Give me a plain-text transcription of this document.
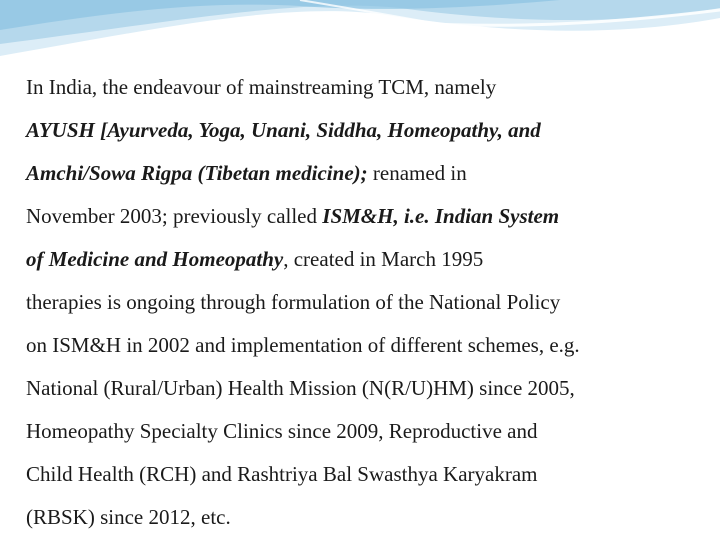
In India, the endeavour of mainstreaming TCM, namely
AYUSH [Ayurveda, Yoga, Unani, Siddha, Homeopathy, and
Amchi/Sowa Rigpa (Tibetan medicine); renamed in
November 2003; previously called ISM&H, i.e. Indian System
of Medicine and Homeopathy, created in March 1995
therapies is ongoing through formulation of the National Policy
on ISM&H in 2002 and implementation of different schemes, e.g.
National (Rural/Urban) Health Mission (N(R/U)HM) since 2005,
Homeopathy Specialty Clinics since 2009, Reproductive and
Child Health (RCH) and Rashtriya Bal Swasthya Karyakram
(RBSK) since 2012, etc.
